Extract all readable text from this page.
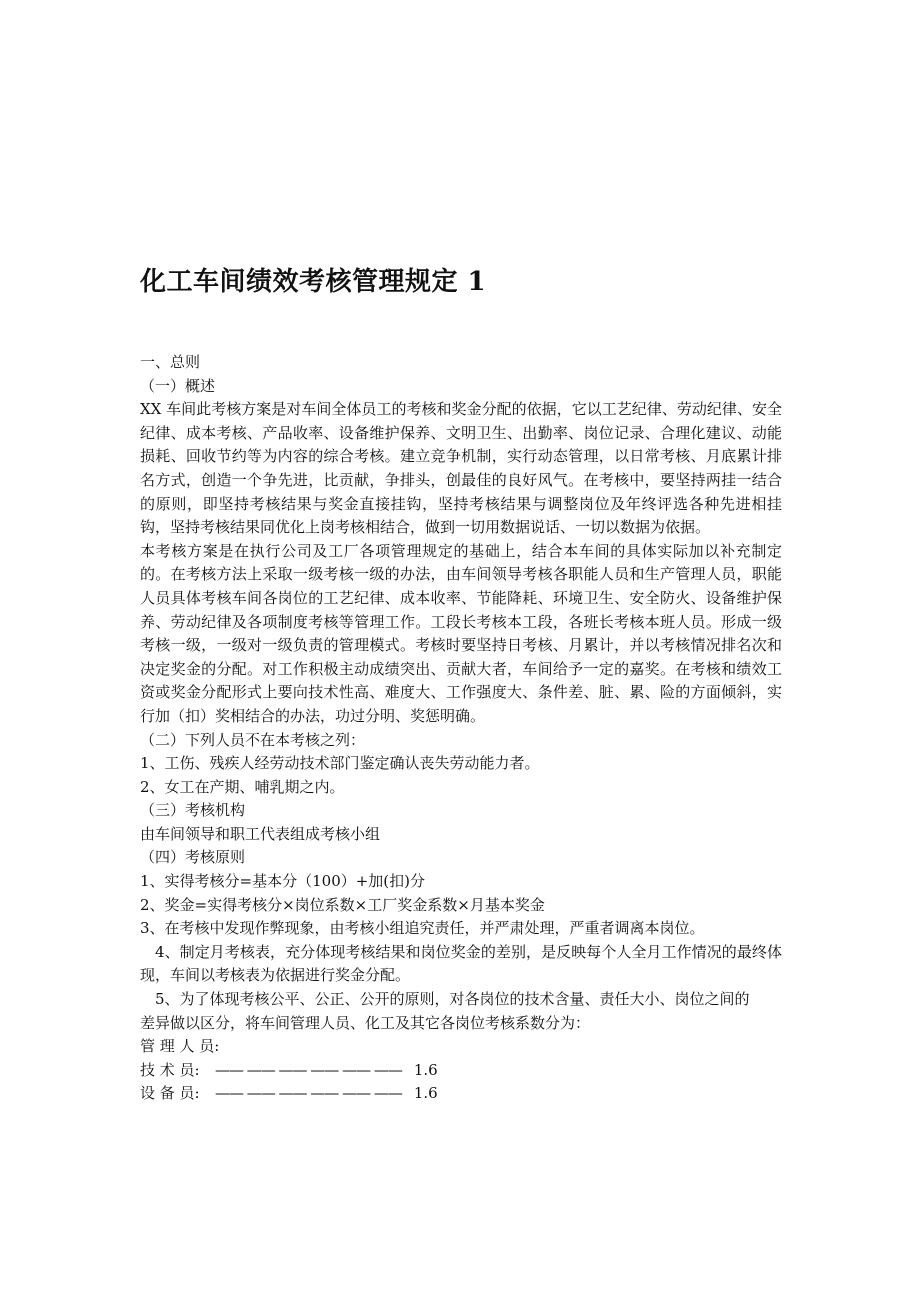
化工车间绩效考核管理规定 1

一、总则

（一）概述

XX 车间此考核方案是对车间全体员工的考核和奖金分配的依据，它以工艺纪律、劳动纪律、安全纪律、成本考核、产品收率、设备维护保养、文明卫生、出勤率、岗位记录、合理化建议、动能损耗、回收节约等为内容的综合考核。建立竞争机制，实行动态管理，以日常考核、月底累计排名方式，创造一个争先进，比贡献，争排头，创最佳的良好风气。在考核中，要坚持两挂一结合的原则，即坚持考核结果与奖金直接挂钩，坚持考核结果与调整岗位及年终评选各种先进相挂钩，坚持考核结果同优化上岗考核相结合，做到一切用数据说话、一切以数据为依据。

本考核方案是在执行公司及工厂各项管理规定的基础上，结合本车间的具体实际加以补充制定的。在考核方法上采取一级考核一级的办法，由车间领导考核各职能人员和生产管理人员，职能人员具体考核车间各岗位的工艺纪律、成本收率、节能降耗、环境卫生、安全防火、设备维护保养、劳动纪律及各项制度考核等管理工作。工段长考核本工段，各班长考核本班人员。形成一级考核一级，一级对一级负责的管理模式。考核时要坚持日考核、月累计，并以考核情况排名次和决定奖金的分配。对工作积极主动成绩突出、贡献大者，车间给予一定的嘉奖。在考核和绩效工资或奖金分配形式上要向技术性高、难度大、工作强度大、条件差、脏、累、险的方面倾斜，实行加（扣）奖相结合的办法，功过分明、奖惩明确。

（二）下列人员不在本考核之列：

1、工伤、残疾人经劳动技术部门鉴定确认丧失劳动能力者。

2、女工在产期、哺乳期之内。

（三）考核机构

由车间领导和职工代表组成考核小组

（四）考核原则

1、实得考核分=基本分（100）+加(扣)分

2、奖金=实得考核分×岗位系数×工厂奖金系数×月基本奖金

3、在考核中发现作弊现象，由考核小组追究责任，并严肃处理，严重者调离本岗位。

4、制定月考核表，充分体现考核结果和岗位奖金的差别，是反映每个人全月工作情况的最终体现，车间以考核表为依据进行奖金分配。

5、为了体现考核公平、公正、公开的原则，对各岗位的技术含量、责任大小、岗位之间的

差异做以区分，将车间管理人员、化工及其它各岗位考核系数分为：

管 理 人 员:

技 术 员:	—— —— —— —— —— —— 1.6
设 备 员:	—— —— —— —— —— —— 1.6
